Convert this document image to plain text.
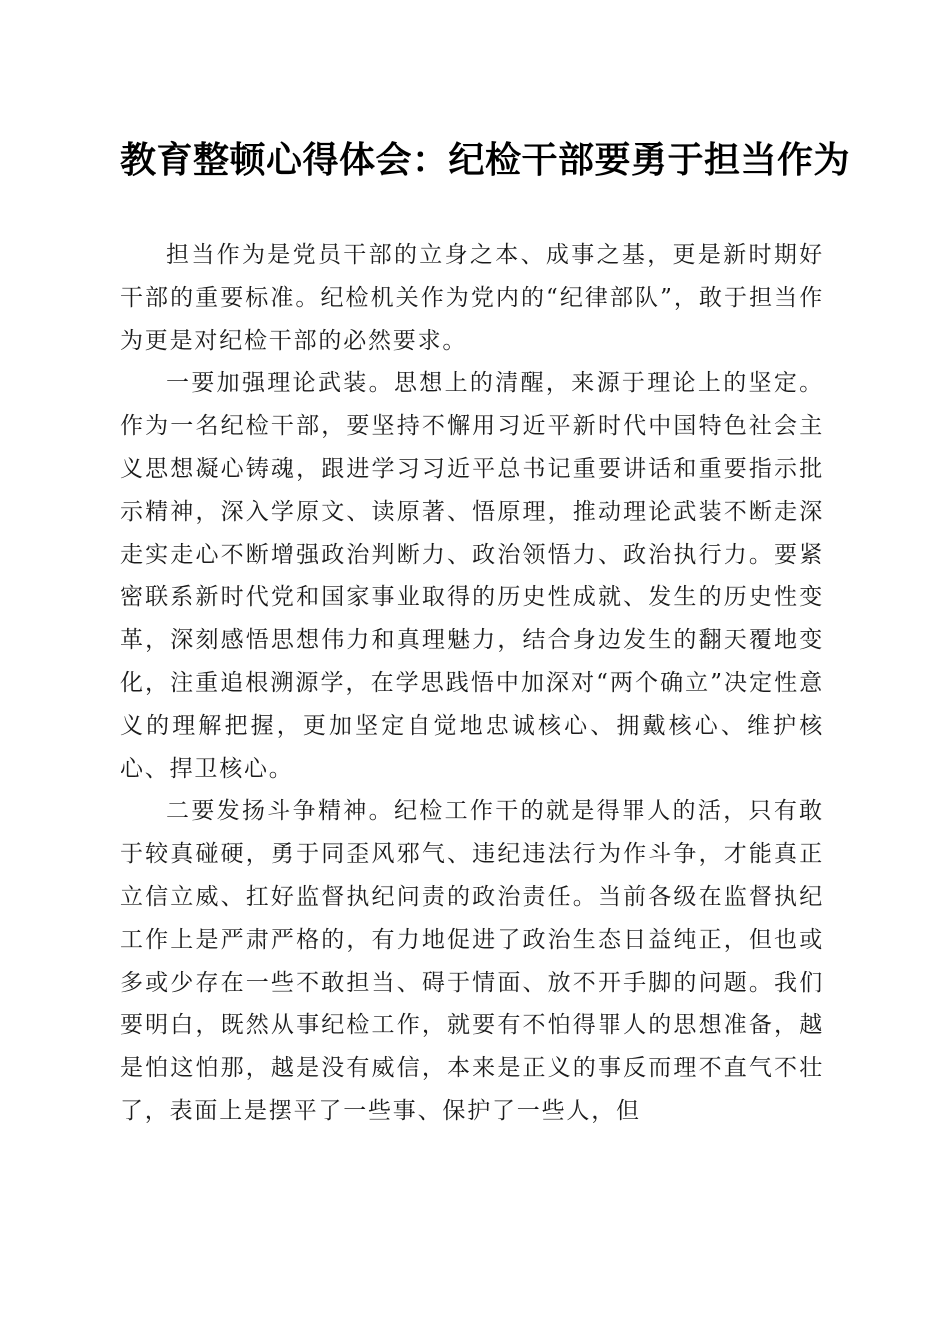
教育整顿心得体会：纪检干部要勇于担当作为

担当作为是党员干部的立身之本、成事之基，更是新时期好干部的重要标准。纪检机关作为党内的“纪律部队”，敢于担当作为更是对纪检干部的必然要求。

一要加强理论武装。思想上的清醒，来源于理论上的坚定。作为一名纪检干部，要坚持不懈用习近平新时代中国特色社会主义思想凝心铸魂，跟进学习习近平总书记重要讲话和重要指示批示精神，深入学原文、读原著、悟原理，推动理论武装不断走深走实走心不断增强政治判断力、政治领悟力、政治执行力。要紧密联系新时代党和国家事业取得的历史性成就、发生的历史性变革，深刻感悟思想伟力和真理魅力，结合身边发生的翻天覆地变化，注重追根溯源学，在学思践悟中加深对“两个确立”决定性意义的理解把握，更加坚定自觉地忠诚核心、拥戴核心、维护核心、捍卫核心。

二要发扬斗争精神。纪检工作干的就是得罪人的活，只有敢于较真碰硬，勇于同歪风邪气、违纪违法行为作斗争，才能真正立信立威、扛好监督执纪问责的政治责任。当前各级在监督执纪工作上是严肃严格的，有力地促进了政治生态日益纯正，但也或多或少存在一些不敢担当、碍于情面、放不开手脚的问题。我们要明白，既然从事纪检工作，就要有不怕得罪人的思想准备，越是怕这怕那，越是没有威信，本来是正义的事反而理不直气不壮了，表面上是摆平了一些事、保护了一些人，但
